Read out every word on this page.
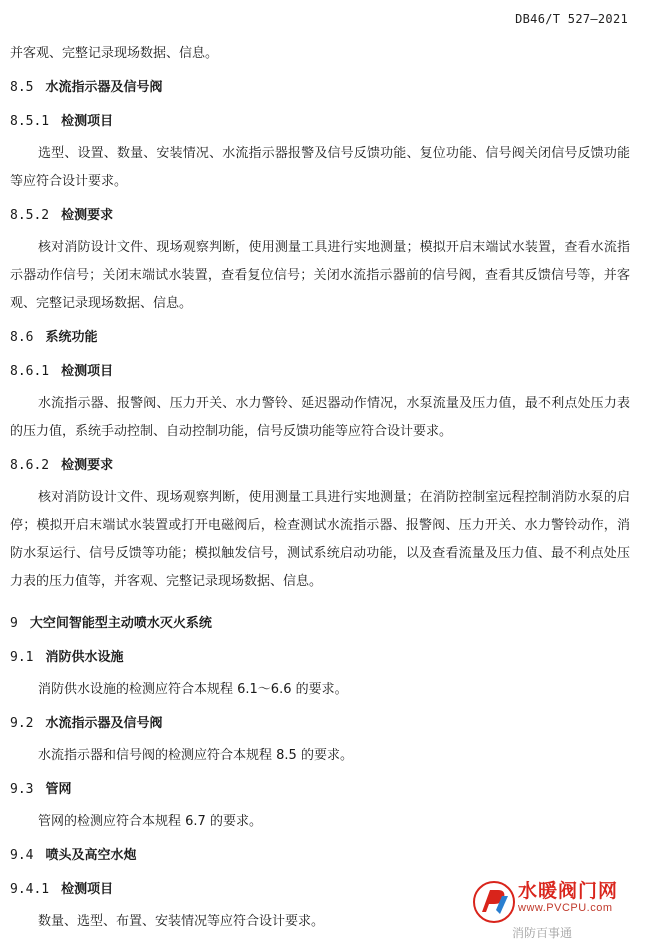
DB46/T 527—2021
并客观、完整记录现场数据、信息。
8.5 水流指示器及信号阀
8.5.1 检测项目
选型、设置、数量、安装情况、水流指示器报警及信号反馈功能、复位功能、信号阀关闭信号反馈功能等应符合设计要求。
8.5.2 检测要求
核对消防设计文件、现场观察判断，使用测量工具进行实地测量；模拟开启末端试水装置，查看水流指示器动作信号；关闭末端试水装置，查看复位信号；关闭水流指示器前的信号阀，查看其反馈信号等，并客观、完整记录现场数据、信息。
8.6 系统功能
8.6.1 检测项目
水流指示器、报警阀、压力开关、水力警铃、延迟器动作情况，水泵流量及压力值，最不利点处压力表的压力值，系统手动控制、自动控制功能，信号反馈功能等应符合设计要求。
8.6.2 检测要求
核对消防设计文件、现场观察判断，使用测量工具进行实地测量；在消防控制室远程控制消防水泵的启停；模拟开启末端试水装置或打开电磁阀后，检查测试水流指示器、报警阀、压力开关、水力警铃动作，消防水泵运行、信号反馈等功能；模拟触发信号，测试系统启动功能，以及查看流量及压力值、最不利点处压力表的压力值等，并客观、完整记录现场数据、信息。
9 大空间智能型主动喷水灭火系统
9.1 消防供水设施
消防供水设施的检测应符合本规程 6.1～6.6 的要求。
9.2 水流指示器及信号阀
水流指示器和信号阀的检测应符合本规程 8.5 的要求。
9.3 管网
管网的检测应符合本规程 6.7 的要求。
9.4 喷头及高空水炮
9.4.1 检测项目
数量、选型、布置、安装情况等应符合设计要求。
水暖阀门网
www.PVCPU.com
消防百事通
